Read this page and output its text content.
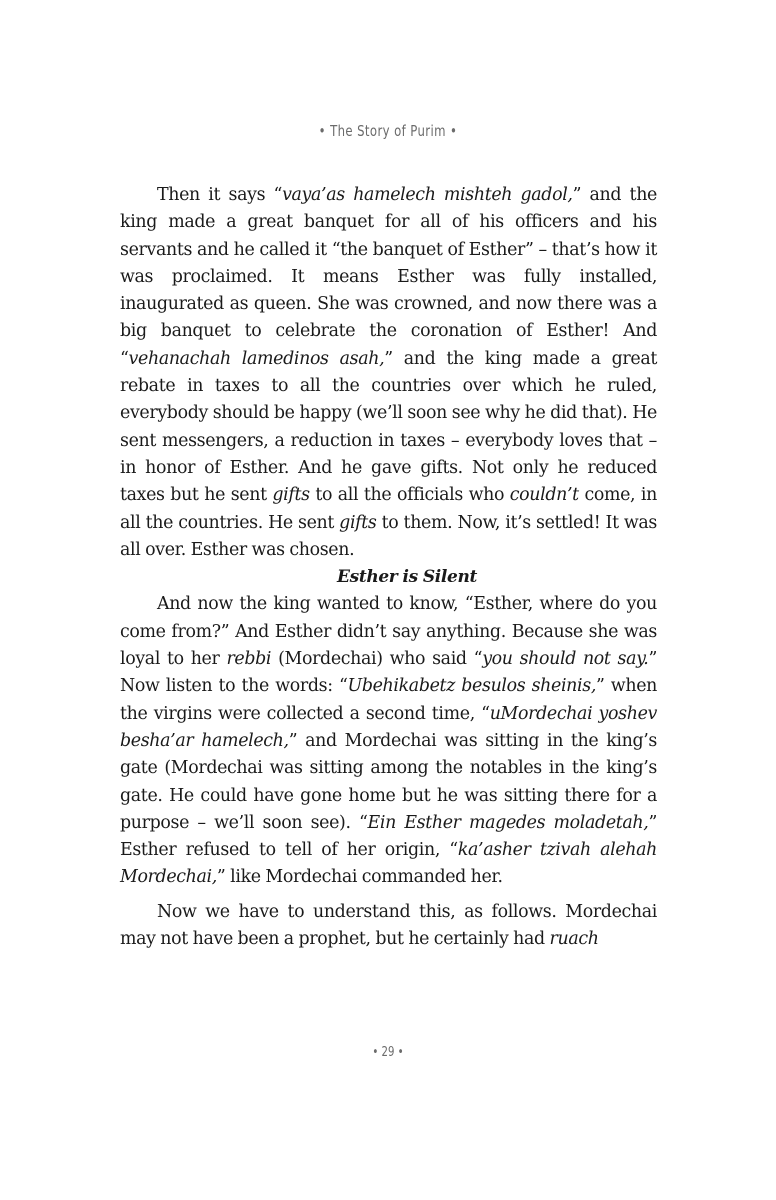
• The Story of Purim •

Then it says “vaya’as hamelech mishteh gadol,” and the king made a great banquet for all of his officers and his servants and he called it “the banquet of Esther” – that’s how it was proclaimed. It means Esther was fully installed, inaugurated as queen. She was crowned, and now there was a big banquet to celebrate the coronation of Esther! And “vehanachah lamedinos asah,” and the king made a great rebate in taxes to all the countries over which he ruled, everybody should be happy (we’ll soon see why he did that). He sent messengers, a reduction in taxes – everybody loves that – in honor of Esther. And he gave gifts. Not only he reduced taxes but he sent gifts to all the officials who couldn’t come, in all the countries. He sent gifts to them. Now, it’s settled! It was all over. Esther was chosen.

Esther is Silent

And now the king wanted to know, “Esther, where do you come from?” And Esther didn’t say anything. Because she was loyal to her rebbi (Mordechai) who said “you should not say.” Now listen to the words: “Ubehikabetz besulos sheinis,” when the virgins were collected a second time, “uMordechai yoshev besha’ar hamelech,” and Mordechai was sitting in the king’s gate (Mordechai was sitting among the notables in the king’s gate. He could have gone home but he was sitting there for a purpose – we’ll soon see). “Ein Esther magedes moladetah,” Esther refused to tell of her origin, “ka’asher tzivah alehah Mordechai,” like Mordechai commanded her.

Now we have to understand this, as follows. Mordechai may not have been a prophet, but he certainly had ruach

• 29 •
